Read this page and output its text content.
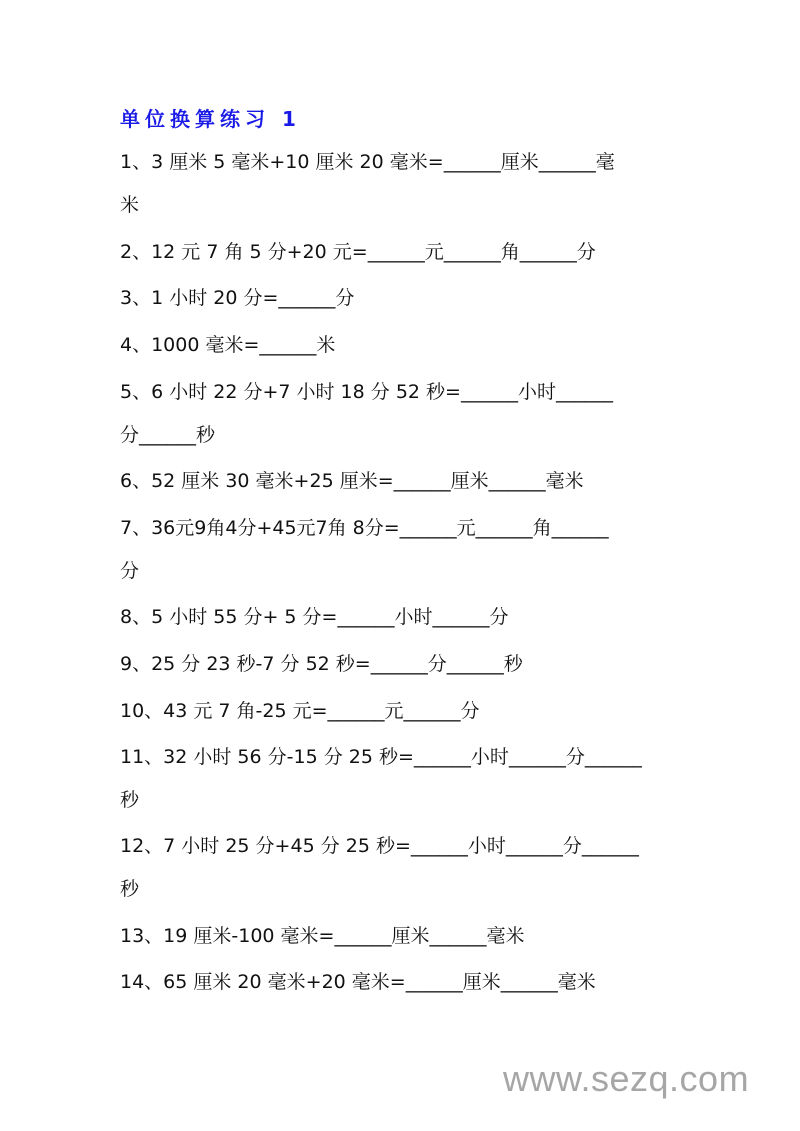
单位换算练习 1
1、3 厘米 5 毫米+10 厘米 20 毫米=______厘米______毫
米
2、12 元 7 角 5 分+20 元=______元______角______分
3、1 小时 20 分=______分
4、1000 毫米=______米
5、6 小时 22 分+7 小时 18 分 52 秒=______小时______
分______秒
6、52 厘米 30 毫米+25 厘米=______厘米______毫米
7、36元9角4分+45元7角 8分=______元______角______
分
8、5 小时 55 分+ 5 分=______小时______分
9、25 分 23 秒-7 分 52 秒=______分______秒
10、43 元 7 角-25 元=______元______分
11、32 小时 56 分-15 分 25 秒=______小时______分______
秒
12、7 小时 25 分+45 分 25 秒=______小时______分______
秒
13、19 厘米-100 毫米=______厘米______毫米
14、65 厘米 20 毫米+20 毫米=______厘米______毫米
www.sezq.com
